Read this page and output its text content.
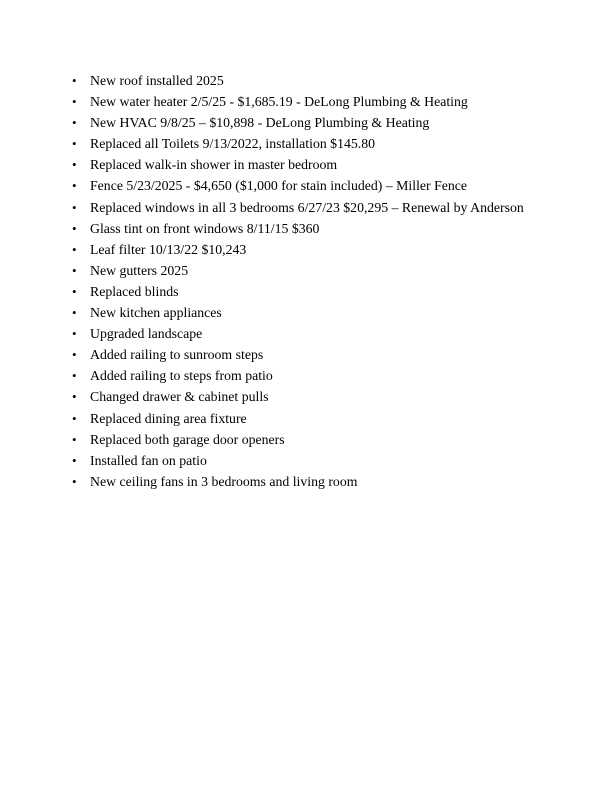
• New roof installed 2025
• New water heater 2/5/25 - $1,685.19 - DeLong Plumbing & Heating
• New HVAC 9/8/25 – $10,898 - DeLong Plumbing & Heating
• Replaced all Toilets 9/13/2022, installation $145.80
• Replaced walk-in shower in master bedroom
• Fence 5/23/2025 - $4,650 ($1,000 for stain included) – Miller Fence
• Replaced windows in all 3 bedrooms 6/27/23 $20,295 – Renewal by Anderson
• Glass tint on front windows 8/11/15 $360
• Leaf filter 10/13/22 $10,243
• New gutters 2025
• Replaced blinds
• New kitchen appliances
• Upgraded landscape
• Added railing to sunroom steps
• Added railing to steps from patio
• Changed drawer & cabinet pulls
• Replaced dining area fixture
• Replaced both garage door openers
• Installed fan on patio
• New ceiling fans in 3 bedrooms and living room
